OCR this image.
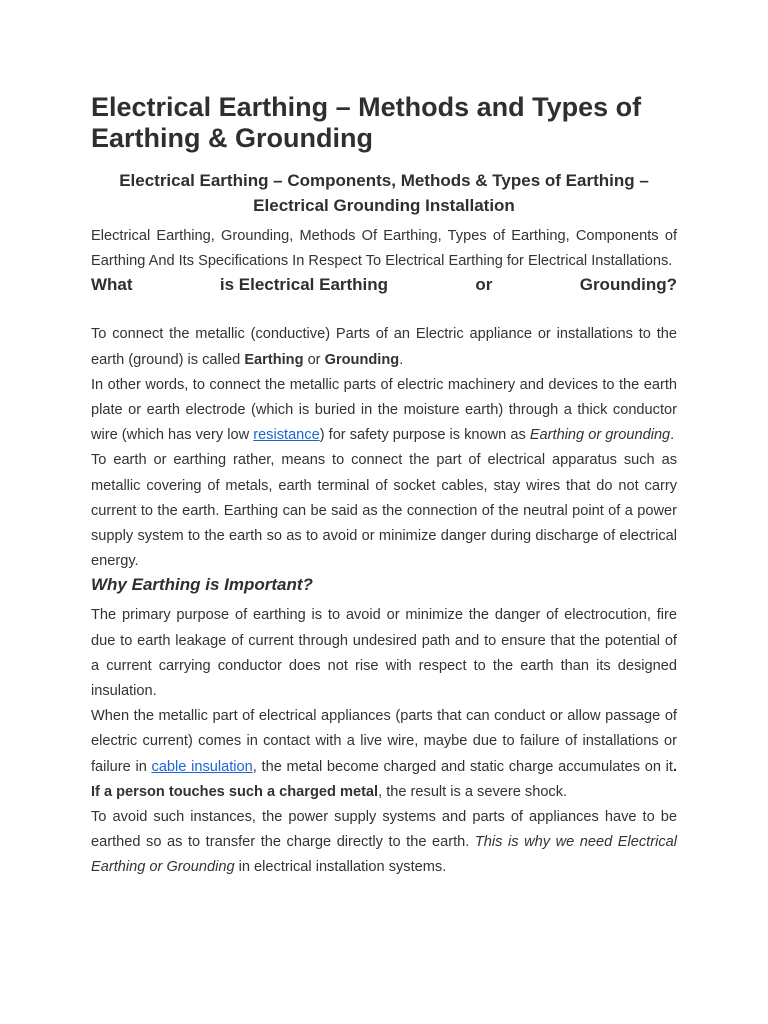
Electrical Earthing – Methods and Types of Earthing & Grounding
Electrical Earthing – Components, Methods & Types of Earthing – Electrical Grounding Installation

Electrical Earthing, Grounding, Methods Of Earthing, Types of Earthing, Components of Earthing And Its Specifications In Respect To Electrical Earthing for Electrical Installations.

What	is Electrical Earthing	or	Grounding?

To connect the metallic (conductive) Parts of an Electric appliance or installations to the earth (ground) is called Earthing or Grounding.

In other words, to connect the metallic parts of electric machinery and devices to the earth plate or earth electrode (which is buried in the moisture earth) through a thick conductor wire (which has very low resistance) for safety purpose is known as Earthing or grounding.

To earth or earthing rather, means to connect the part of electrical apparatus such as metallic covering of metals, earth terminal of socket cables, stay wires that do not carry current to the earth. Earthing can be said as the connection of the neutral point of a power supply system to the earth so as to avoid or minimize danger during discharge of electrical energy.

Why Earthing is Important?

The primary purpose of earthing is to avoid or minimize the danger of electrocution, fire due to earth leakage of current through undesired path and to ensure that the potential of a current carrying conductor does not rise with respect to the earth than its designed insulation.

When the metallic part of electrical appliances (parts that can conduct or allow passage of electric current) comes in contact with a live wire, maybe due to failure of installations or failure in cable insulation, the metal become charged and static charge accumulates on it. If a person touches such a charged metal, the result is a severe shock.

To avoid such instances, the power supply systems and parts of appliances have to be earthed so as to transfer the charge directly to the earth. This is why we need Electrical Earthing or Grounding in electrical installation systems.
